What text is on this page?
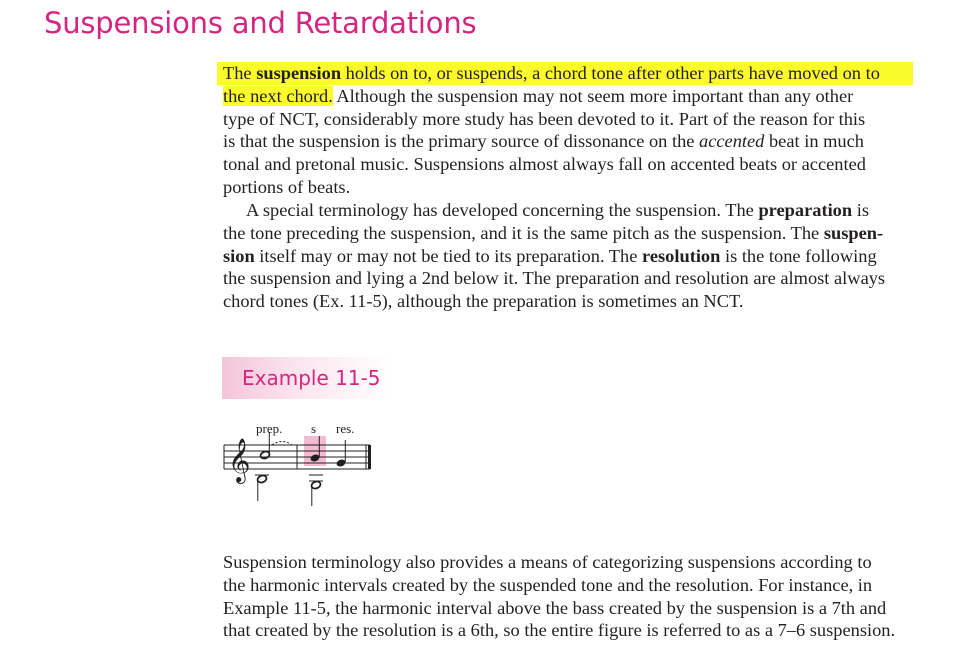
Suspensions and Retardations

The suspension holds on to, or suspends, a chord tone after other parts have moved on to
the next chord. Although the suspension may not seem more important than any other
type of NCT, considerably more study has been devoted to it. Part of the reason for this
is that the suspension is the primary source of dissonance on the accented beat in much
tonal and pretonal music. Suspensions almost always fall on accented beats or accented
portions of beats.

A special terminology has developed concerning the suspension. The preparation is
the tone preceding the suspension, and it is the same pitch as the suspension. The suspen-
sion itself may or may not be tied to its preparation. The resolution is the tone following
the suspension and lying a 2nd below it. The preparation and resolution are almost always
chord tones (Ex. 11-5), although the preparation is sometimes an NCT.

Example 11-5
prep. s res.
𝄞

Suspension terminology also provides a means of categorizing suspensions according to
the harmonic intervals created by the suspended tone and the resolution. For instance, in
Example 11-5, the harmonic interval above the bass created by the suspension is a 7th and
that created by the resolution is a 6th, so the entire figure is referred to as a 7–6 suspension.
